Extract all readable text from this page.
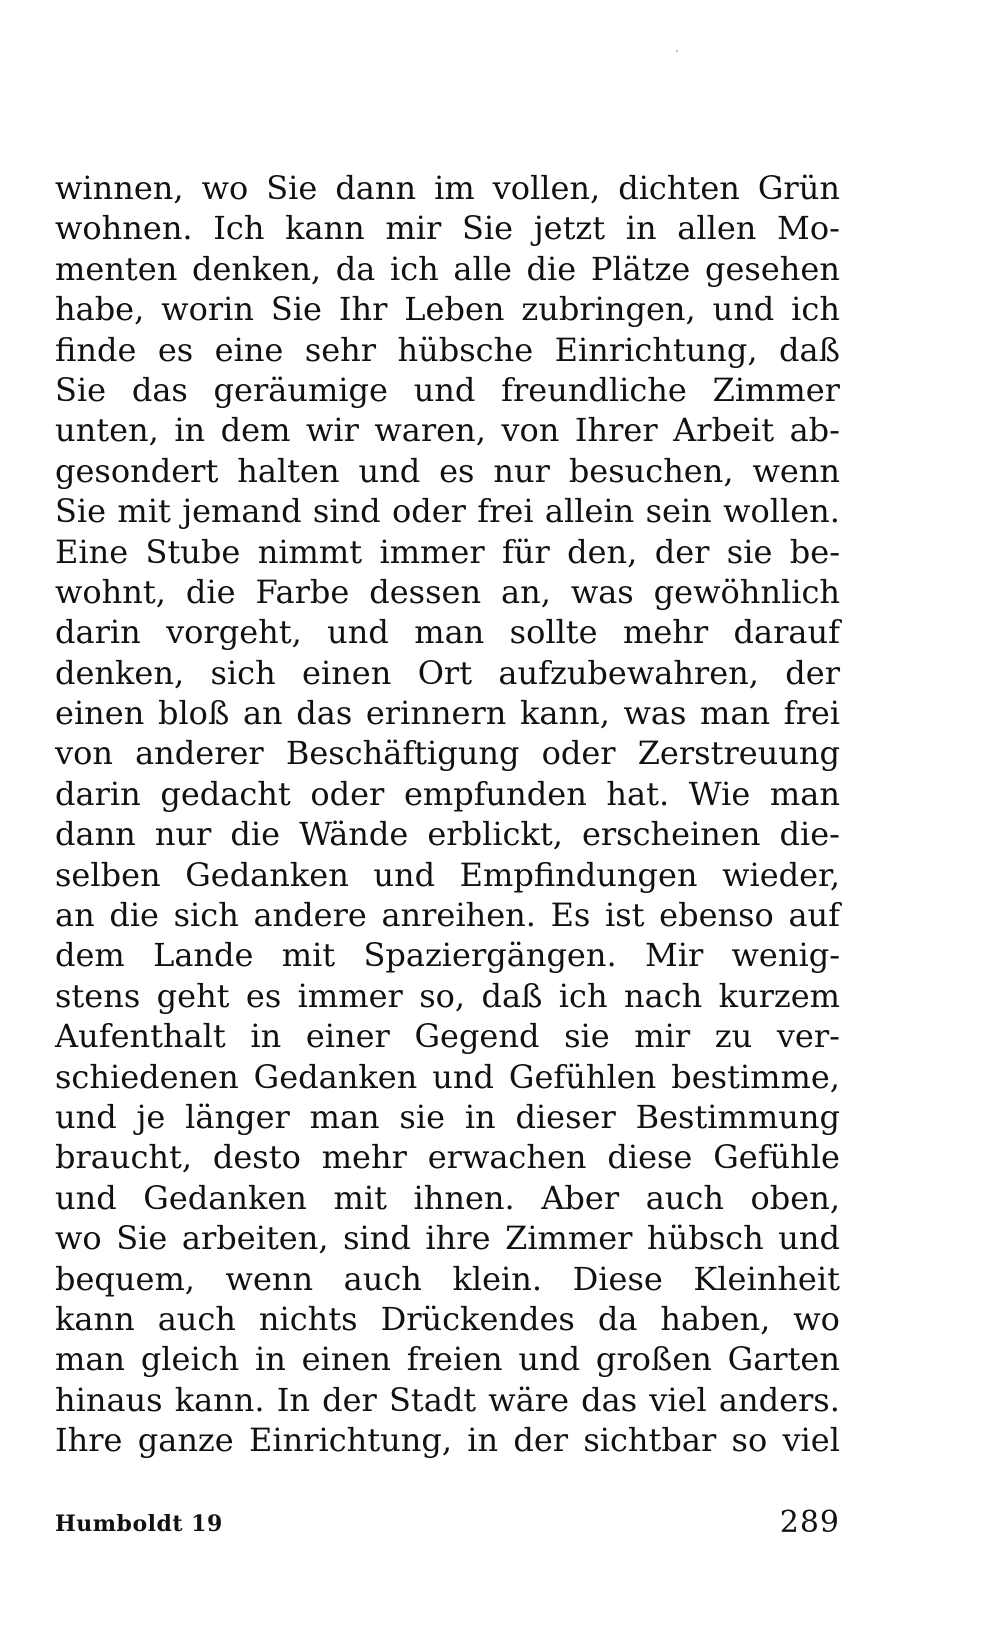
winnen, wo Sie dann im vollen, dichten Grün
wohnen. Ich kann mir Sie jetzt in allen Mo-
menten denken, da ich alle die Plätze gesehen
habe, worin Sie Ihr Leben zubringen, und ich
finde es eine sehr hübsche Einrichtung, daß
Sie das geräumige und freundliche Zimmer
unten, in dem wir waren, von Ihrer Arbeit ab-
gesondert halten und es nur besuchen, wenn
Sie mit jemand sind oder frei allein sein wollen.
Eine Stube nimmt immer für den, der sie be-
wohnt, die Farbe dessen an, was gewöhnlich
darin vorgeht, und man sollte mehr darauf
denken, sich einen Ort aufzubewahren, der
einen bloß an das erinnern kann, was man frei
von anderer Beschäftigung oder Zerstreuung
darin gedacht oder empfunden hat. Wie man
dann nur die Wände erblickt, erscheinen die-
selben Gedanken und Empfindungen wieder,
an die sich andere anreihen. Es ist ebenso auf
dem Lande mit Spaziergängen. Mir wenig-
stens geht es immer so, daß ich nach kurzem
Aufenthalt in einer Gegend sie mir zu ver-
schiedenen Gedanken und Gefühlen bestimme,
und je länger man sie in dieser Bestimmung
braucht, desto mehr erwachen diese Gefühle
und Gedanken mit ihnen. Aber auch oben,
wo Sie arbeiten, sind ihre Zimmer hübsch und
bequem, wenn auch klein. Diese Kleinheit
kann auch nichts Drückendes da haben, wo
man gleich in einen freien und großen Garten
hinaus kann. In der Stadt wäre das viel anders.
Ihre ganze Einrichtung, in der sichtbar so viel
Humboldt 19	289
